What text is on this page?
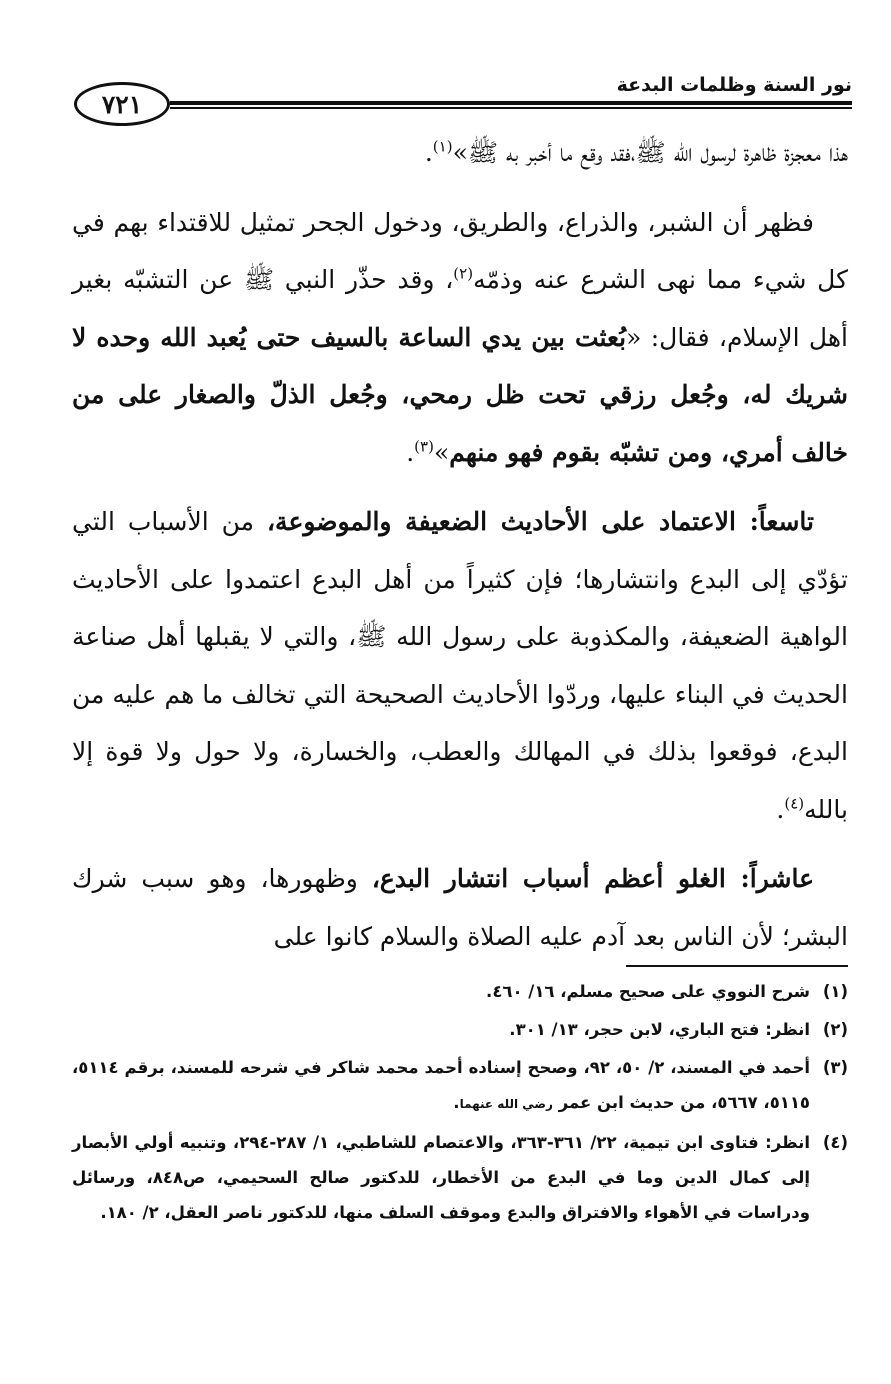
٧٢١
نور السنة وظلمات البدعة

هذا معجزة ظاهرة لرسول الله ﷺ،فقد وقع ما أخبر به ﷺ»$^{(١)}$.

فظهر أن الشبر، والذراع، والطريق، ودخول الجحر تمثيل للاقتداء بهم في كل شيء مما نهى الشرع عنه وذمّه$^{(٢)}$، وقد حذّر النبي ﷺ عن التشبّه بغير أهل الإسلام، فقال: «بُعثت بين يدي الساعة بالسيف حتى يُعبد الله وحده لا شريك له، وجُعل رزقي تحت ظل رمحي، وجُعل الذلّ والصغار على من خالف أمري، ومن تشبّه بقوم فهو منهم»$^{(٣)}$.

تاسعاً: الاعتماد على الأحاديث الضعيفة والموضوعة، من الأسباب التي تؤدّي إلى البدع وانتشارها؛ فإن كثيراً من أهل البدع اعتمدوا على الأحاديث الواهية الضعيفة، والمكذوبة على رسول الله ﷺ، والتي لا يقبلها أهل صناعة الحديث في البناء عليها، وردّوا الأحاديث الصحيحة التي تخالف ما هم عليه من البدع، فوقعوا بذلك في المهالك والعطب، والخسارة، ولا حول ولا قوة إلا بالله$^{(٤)}$.

عاشراً: الغلو أعظم أسباب انتشار البدع، وظهورها، وهو سبب شرك البشر؛ لأن الناس بعد آدم عليه الصلاة والسلام كانوا على

(١)
شرح النووي على صحيح مسلم، ١٦/ ٤٦٠.
(٢)
انظر: فتح الباري، لابن حجر، ١٣/ ٣٠١.
(٣)
أحمد في المسند، ٢/ ٥٠، ٩٢، وصحح إسناده أحمد محمد شاكر في شرحه للمسند، برقم ٥١١٤، ٥١١٥، ٥٦٦٧، من حديث ابن عمر رضي الله عنهما.
(٤)
انظر: فتاوى ابن تيمية، ٢٢/ ٣٦١-٣٦٣، والاعتصام للشاطبي، ١/ ٢٨٧-٢٩٤، وتنبيه أولي الأبصار إلى كمال الدين وما في البدع من الأخطار، للدكتور صالح السحيمي، ص٨٤٨، ورسائل ودراسات في الأهواء والافتراق والبدع وموقف السلف منها، للدكتور ناصر العقل، ٢/ ١٨٠.
